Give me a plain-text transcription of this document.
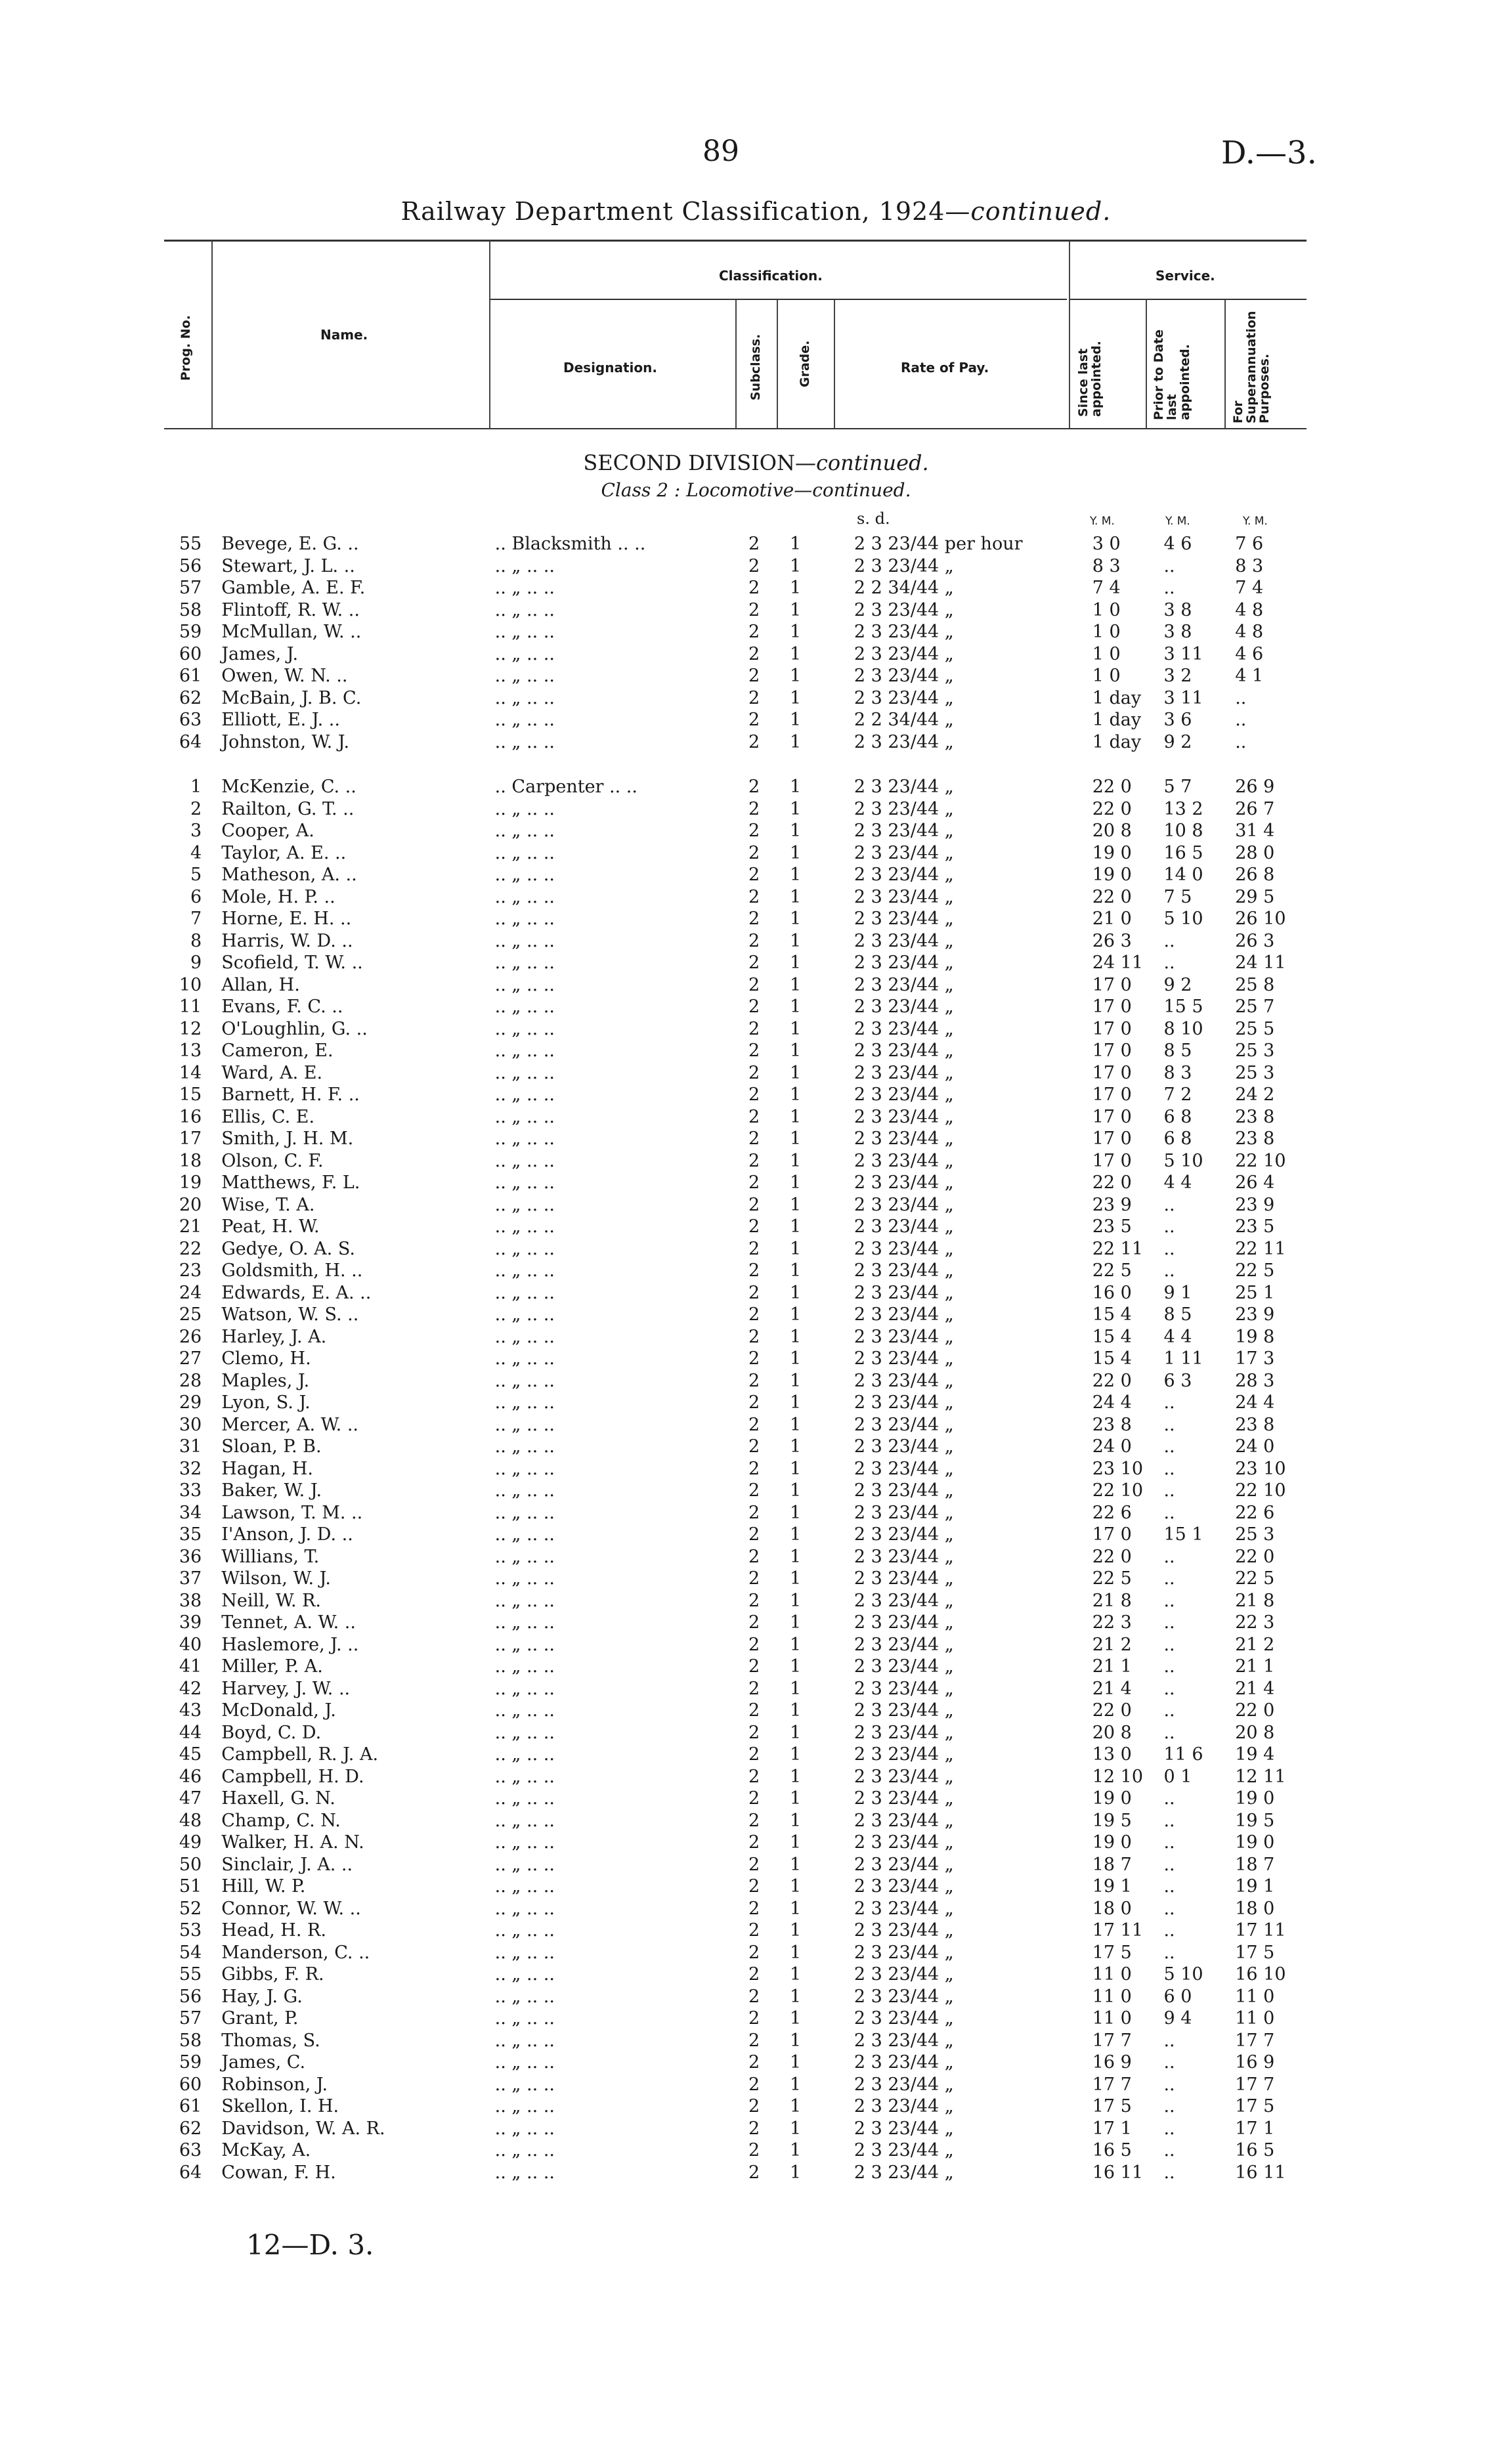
89	D.—3.
Railway Department Classification, 1924—continued.
Prog. No.	Name.
Classification.	Service.
Designation.	Subclass.	Grade.	Rate of Pay.	Since last appointed.	Prior to Date last appointed.	For Superannuation Purposes.
SECOND DIVISION—continued.
Class 2 : Locomotive—continued.
s. d.	Y. M.	Y. M.	Y. M.
55	Bevege, E. G. ..	.. Blacksmith .. ..	2	1	2 3 23/44 per hour	3 0	4 6	7 6
56	Stewart, J. L. ..	.. „ .. ..	2	1	2 3 23/44 „	8 3	..	8 3
57	Gamble, A. E. F.	.. „ .. ..	2	1	2 2 34/44 „	7 4	..	7 4
58	Flintoff, R. W. ..	.. „ .. ..	2	1	2 3 23/44 „	1 0	3 8	4 8
59	McMullan, W. ..	.. „ .. ..	2	1	2 3 23/44 „	1 0	3 8	4 8
60	James, J.	.. „ .. ..	2	1	2 3 23/44 „	1 0	3 11	4 6
61	Owen, W. N. ..	.. „ .. ..	2	1	2 3 23/44 „	1 0	3 2	4 1
62	McBain, J. B. C.	.. „ .. ..	2	1	2 3 23/44 „	1 day	3 11	..
63	Elliott, E. J. ..	.. „ .. ..	2	1	2 2 34/44 „	1 day	3 6	..
64	Johnston, W. J.	.. „ .. ..	2	1	2 3 23/44 „	1 day	9 2	..
1	McKenzie, C. ..	.. Carpenter .. ..	2	1	2 3 23/44 „	22 0	5 7	26 9
2	Railton, G. T. ..	.. „ .. ..	2	1	2 3 23/44 „	22 0	13 2	26 7
3	Cooper, A.	.. „ .. ..	2	1	2 3 23/44 „	20 8	10 8	31 4
4	Taylor, A. E. ..	.. „ .. ..	2	1	2 3 23/44 „	19 0	16 5	28 0
5	Matheson, A. ..	.. „ .. ..	2	1	2 3 23/44 „	19 0	14 0	26 8
6	Mole, H. P. ..	.. „ .. ..	2	1	2 3 23/44 „	22 0	7 5	29 5
7	Horne, E. H. ..	.. „ .. ..	2	1	2 3 23/44 „	21 0	5 10	26 10
8	Harris, W. D. ..	.. „ .. ..	2	1	2 3 23/44 „	26 3	..	26 3
9	Scofield, T. W. ..	.. „ .. ..	2	1	2 3 23/44 „	24 11	..	24 11
10	Allan, H.	.. „ .. ..	2	1	2 3 23/44 „	17 0	9 2	25 8
11	Evans, F. C. ..	.. „ .. ..	2	1	2 3 23/44 „	17 0	15 5	25 7
12	O'Loughlin, G. ..	.. „ .. ..	2	1	2 3 23/44 „	17 0	8 10	25 5
13	Cameron, E.	.. „ .. ..	2	1	2 3 23/44 „	17 0	8 5	25 3
14	Ward, A. E.	.. „ .. ..	2	1	2 3 23/44 „	17 0	8 3	25 3
15	Barnett, H. F. ..	.. „ .. ..	2	1	2 3 23/44 „	17 0	7 2	24 2
16	Ellis, C. E.	.. „ .. ..	2	1	2 3 23/44 „	17 0	6 8	23 8
17	Smith, J. H. M.	.. „ .. ..	2	1	2 3 23/44 „	17 0	6 8	23 8
18	Olson, C. F.	.. „ .. ..	2	1	2 3 23/44 „	17 0	5 10	22 10
19	Matthews, F. L.	.. „ .. ..	2	1	2 3 23/44 „	22 0	4 4	26 4
20	Wise, T. A.	.. „ .. ..	2	1	2 3 23/44 „	23 9	..	23 9
21	Peat, H. W.	.. „ .. ..	2	1	2 3 23/44 „	23 5	..	23 5
22	Gedye, O. A. S.	.. „ .. ..	2	1	2 3 23/44 „	22 11	..	22 11
23	Goldsmith, H. ..	.. „ .. ..	2	1	2 3 23/44 „	22 5	..	22 5
24	Edwards, E. A. ..	.. „ .. ..	2	1	2 3 23/44 „	16 0	9 1	25 1
25	Watson, W. S. ..	.. „ .. ..	2	1	2 3 23/44 „	15 4	8 5	23 9
26	Harley, J. A.	.. „ .. ..	2	1	2 3 23/44 „	15 4	4 4	19 8
27	Clemo, H.	.. „ .. ..	2	1	2 3 23/44 „	15 4	1 11	17 3
28	Maples, J.	.. „ .. ..	2	1	2 3 23/44 „	22 0	6 3	28 3
29	Lyon, S. J.	.. „ .. ..	2	1	2 3 23/44 „	24 4	..	24 4
30	Mercer, A. W. ..	.. „ .. ..	2	1	2 3 23/44 „	23 8	..	23 8
31	Sloan, P. B.	.. „ .. ..	2	1	2 3 23/44 „	24 0	..	24 0
32	Hagan, H.	.. „ .. ..	2	1	2 3 23/44 „	23 10	..	23 10
33	Baker, W. J.	.. „ .. ..	2	1	2 3 23/44 „	22 10	..	22 10
34	Lawson, T. M. ..	.. „ .. ..	2	1	2 3 23/44 „	22 6	..	22 6
35	I'Anson, J. D. ..	.. „ .. ..	2	1	2 3 23/44 „	17 0	15 1	25 3
36	Willians, T.	.. „ .. ..	2	1	2 3 23/44 „	22 0	..	22 0
37	Wilson, W. J.	.. „ .. ..	2	1	2 3 23/44 „	22 5	..	22 5
38	Neill, W. R.	.. „ .. ..	2	1	2 3 23/44 „	21 8	..	21 8
39	Tennet, A. W. ..	.. „ .. ..	2	1	2 3 23/44 „	22 3	..	22 3
40	Haslemore, J. ..	.. „ .. ..	2	1	2 3 23/44 „	21 2	..	21 2
41	Miller, P. A.	.. „ .. ..	2	1	2 3 23/44 „	21 1	..	21 1
42	Harvey, J. W. ..	.. „ .. ..	2	1	2 3 23/44 „	21 4	..	21 4
43	McDonald, J.	.. „ .. ..	2	1	2 3 23/44 „	22 0	..	22 0
44	Boyd, C. D.	.. „ .. ..	2	1	2 3 23/44 „	20 8	..	20 8
45	Campbell, R. J. A.	.. „ .. ..	2	1	2 3 23/44 „	13 0	11 6	19 4
46	Campbell, H. D.	.. „ .. ..	2	1	2 3 23/44 „	12 10	0 1	12 11
47	Haxell, G. N.	.. „ .. ..	2	1	2 3 23/44 „	19 0	..	19 0
48	Champ, C. N.	.. „ .. ..	2	1	2 3 23/44 „	19 5	..	19 5
49	Walker, H. A. N.	.. „ .. ..	2	1	2 3 23/44 „	19 0	..	19 0
50	Sinclair, J. A. ..	.. „ .. ..	2	1	2 3 23/44 „	18 7	..	18 7
51	Hill, W. P.	.. „ .. ..	2	1	2 3 23/44 „	19 1	..	19 1
52	Connor, W. W. ..	.. „ .. ..	2	1	2 3 23/44 „	18 0	..	18 0
53	Head, H. R.	.. „ .. ..	2	1	2 3 23/44 „	17 11	..	17 11
54	Manderson, C. ..	.. „ .. ..	2	1	2 3 23/44 „	17 5	..	17 5
55	Gibbs, F. R.	.. „ .. ..	2	1	2 3 23/44 „	11 0	5 10	16 10
56	Hay, J. G.	.. „ .. ..	2	1	2 3 23/44 „	11 0	6 0	11 0
57	Grant, P.	.. „ .. ..	2	1	2 3 23/44 „	11 0	9 4	11 0
58	Thomas, S.	.. „ .. ..	2	1	2 3 23/44 „	17 7	..	17 7
59	James, C.	.. „ .. ..	2	1	2 3 23/44 „	16 9	..	16 9
60	Robinson, J.	.. „ .. ..	2	1	2 3 23/44 „	17 7	..	17 7
61	Skellon, I. H.	.. „ .. ..	2	1	2 3 23/44 „	17 5	..	17 5
62	Davidson, W. A. R.	.. „ .. ..	2	1	2 3 23/44 „	17 1	..	17 1
63	McKay, A.	.. „ .. ..	2	1	2 3 23/44 „	16 5	..	16 5
64	Cowan, F. H.	.. „ .. ..	2	1	2 3 23/44 „	16 11	..	16 11
12—D. 3.
